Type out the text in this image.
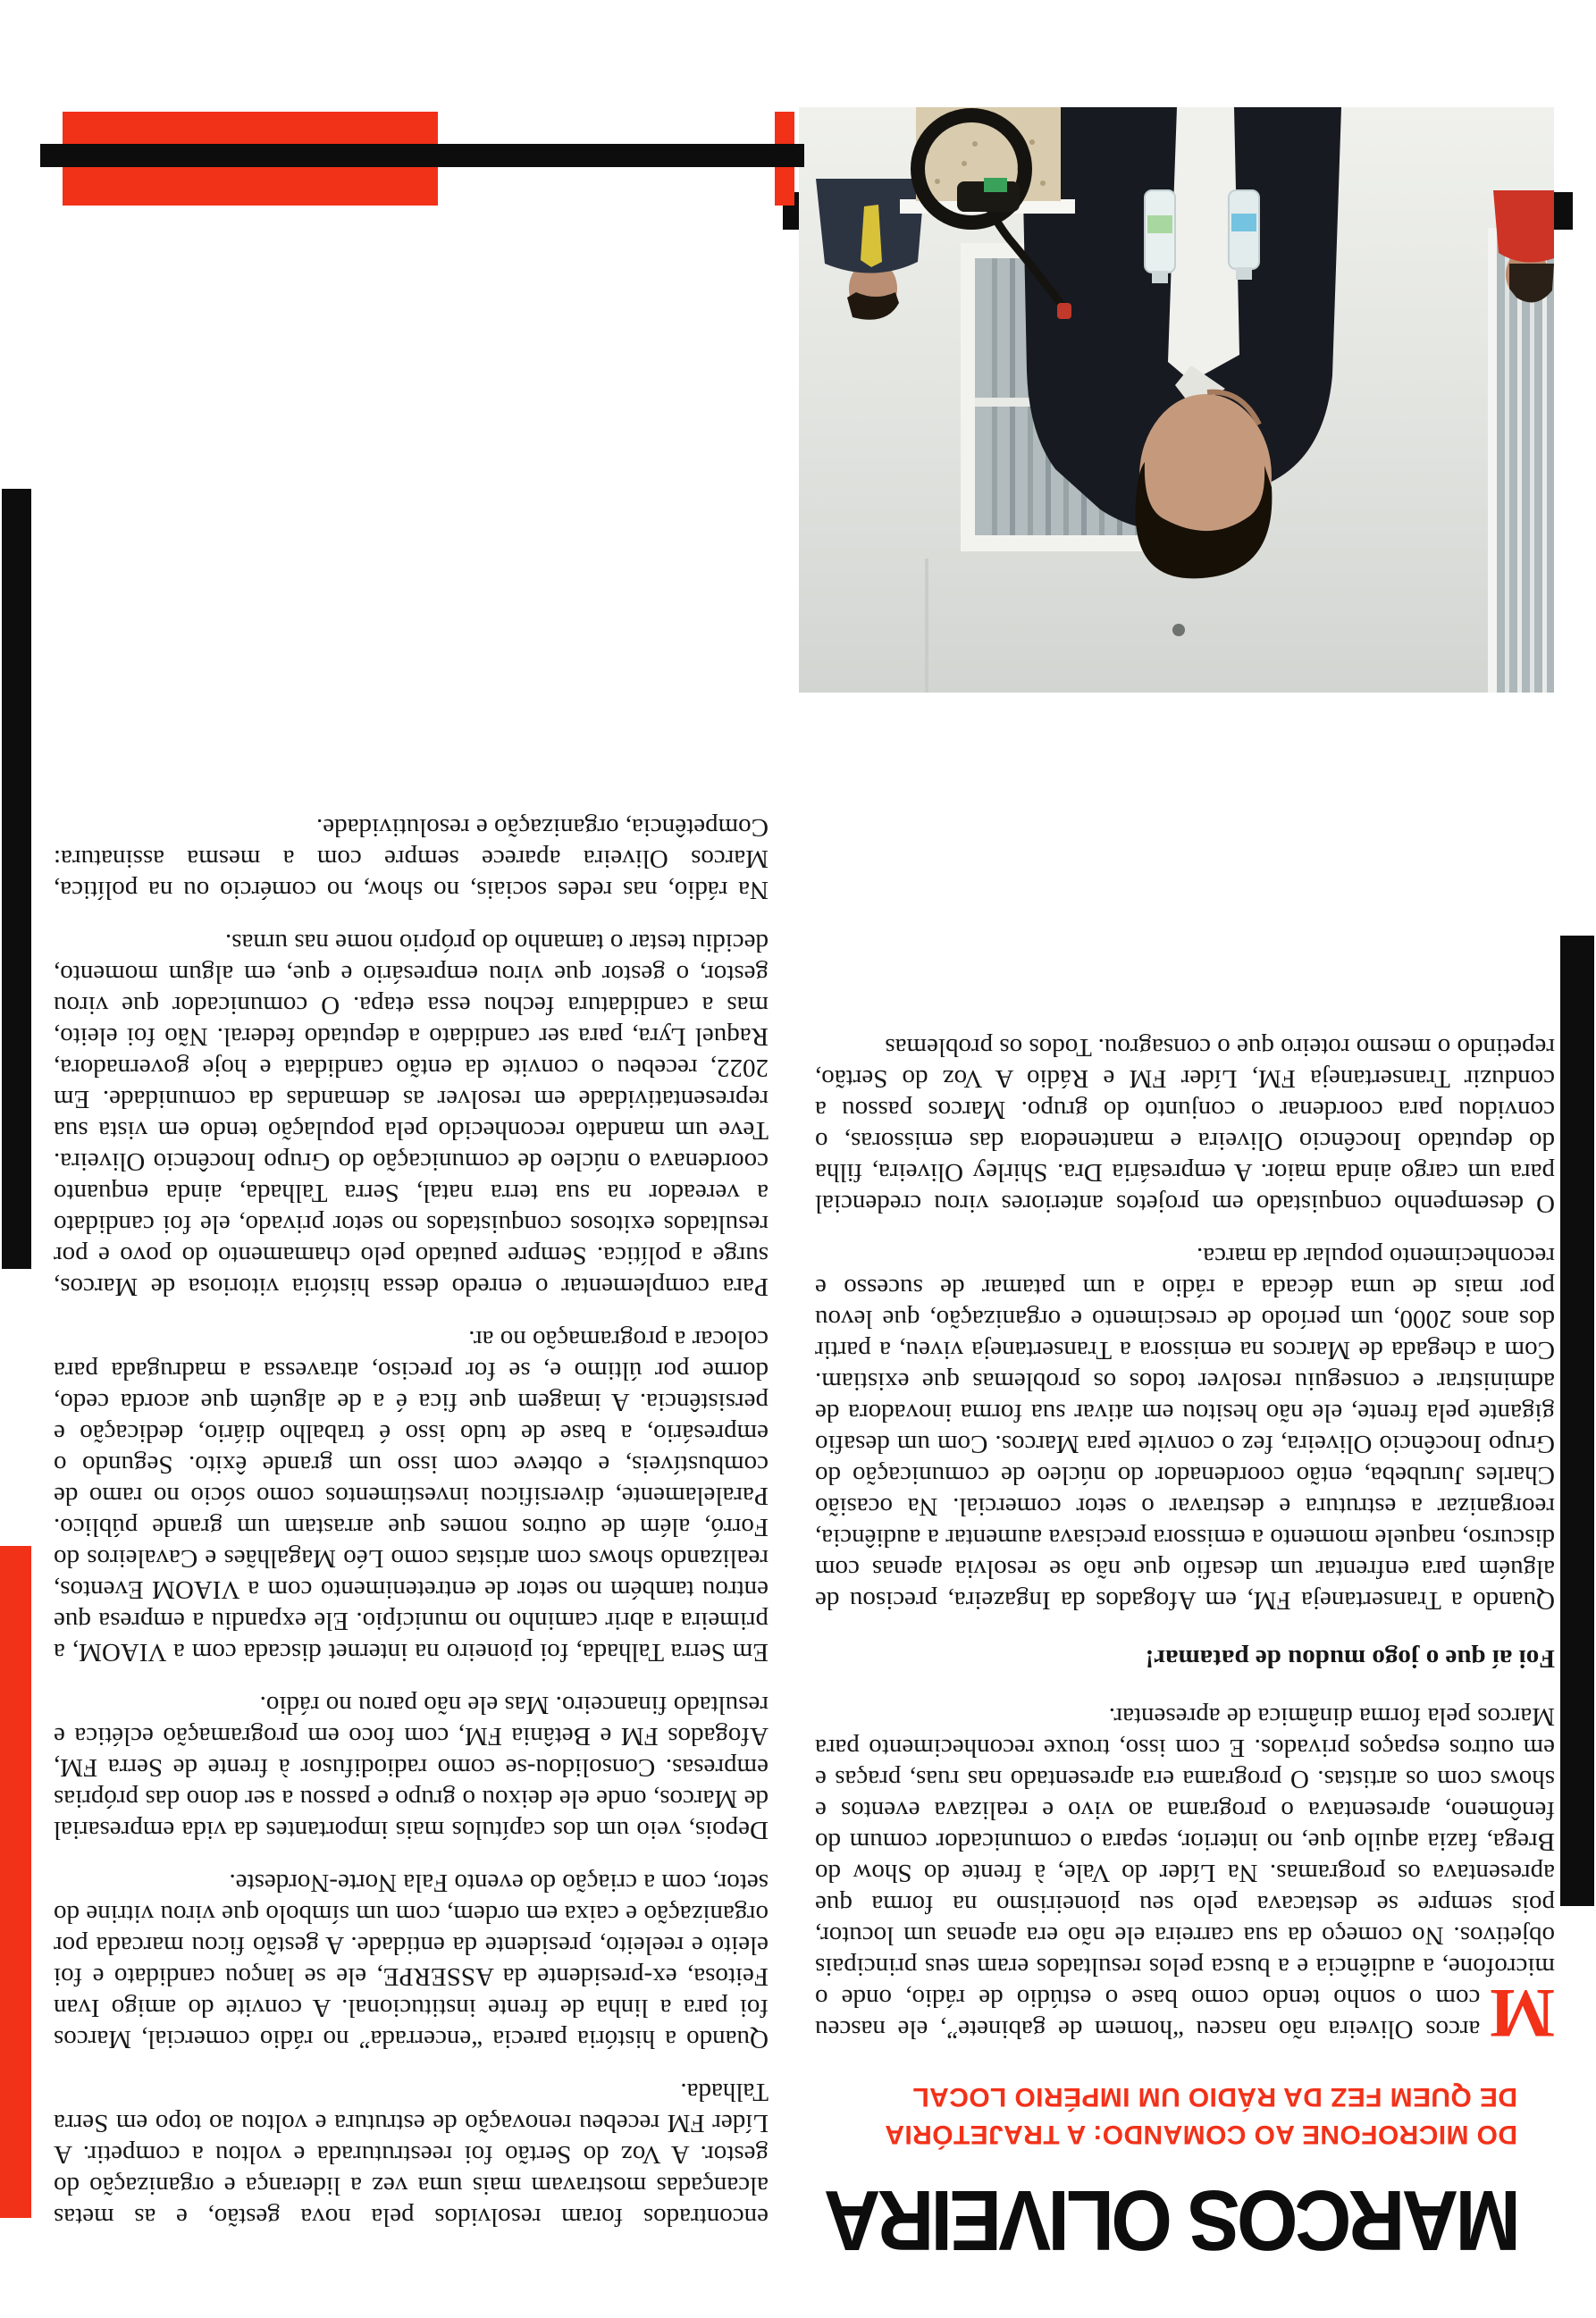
MARCOS OLIVEIRA
DO MICROFONE AO COMANDO: A TRAJETÓRIA
DE QUEM FEZ DA RÁDIO UM IMPÉRIO LOCAL

M
arcos Oliveira não nasceu “homem de gabinete”, ele nasceu com o sonho tendo como base o estúdio de rádio, onde o microfone, a audiência e a busca pelos resultados eram seus principais objetivos. No começo da sua carreira ele não era apenas um locutor, pois sempre se destacava pelo seu pioneirismo na forma que apresentava os programas. Na Líder do Vale, à frente do Show do Brega, fazia aquilo que, no interior, separa o comunicador comum do fenômeno, apresentava o programa ao vivo e realizava eventos e shows com os artistas. O programa era apresentado nas ruas, praças e em outros espaços privados. E com isso, trouxe reconhecimento para Marcos pela forma dinâmica de apresentar.

Foi aí que o jogo mudou de patamar!

Quando a Transertaneja FM, em Afogados da Ingazeira, precisou de alguém para enfrentar um desafio que não se resolvia apenas com discurso, naquele momento a emissora precisava aumentar a audiência, reorganizar a estrutura e destravar o setor comercial. Na ocasião Charles Jurubeba, então coordenador do núcleo de comunicação do Grupo Inocêncio Oliveira, fez o convite para Marcos. Com um desafio gigante pela frente, ele não hesitou em ativar sua forma inovadora de administrar e conseguiu resolver todos os problemas que existiam. Com a chegada de Marcos na emissora a Transertaneja viveu, a partir dos anos 2000, um período de crescimento e organização, que levou por mais de uma década a rádio a um patamar de sucesso e reconhecimento popular da marca.

O desempenho conquistado em projetos anteriores virou credencial para um cargo ainda maior. A empresária Dra. Shirley Oliveira, filha do deputado Inocêncio Oliveira e mantenedora das emissoras, o convidou para coordenar o conjunto do grupo. Marcos passou a conduzir Transertaneja FM, Líder FM e Rádio A Voz do Sertão, repetindo o mesmo roteiro que o consagrou. Todos os problemas

encontrados foram resolvidos pela nova gestão, e as metas alcançadas mostravam mais uma vez a liderança e organização do gestor. A Voz do Sertão foi reestruturada e voltou a competir. A Líder FM recebeu renovação de estrutura e voltou ao topo em Serra Talhada.

Quando a história parecia “encerrada” no rádio comercial, Marcos foi para a linha de frente institucional. A convite do amigo Ivan Feitosa, ex-presidente da ASSERPE, ele se lançou candidato e foi eleito e reeleito, presidente da entidade. A gestão ficou marcada por organização e caixa em ordem, com um símbolo que virou vitrine do setor, com a criação do evento Fala Norte-Nordeste.

Depois, veio um dos capítulos mais importantes da vida empresarial de Marcos, onde ele deixou o grupo e passou a ser dono das próprias empresas. Consolidou-se como radiodifusor à frente de Serra FM, Afogados FM e Betânia FM, com foco em programação eclética e resultado financeiro. Mas ele não parou no rádio.

Em Serra Talhada, foi pioneiro na internet discada com a VIAOM, a primeira a abrir caminho no município. Ele expandiu a empresa que entrou também no setor de entretenimento com a VIAOM Eventos, realizando shows com artistas como Léo Magalhães e Cavaleiros do Forró, além de outros nomes que arrastam um grande público. Paralelamente, diversificou investimentos como sócio no ramo de combustíveis, e obteve com isso um grande êxito. Segundo o empresário, a base de tudo isso é trabalho diário, dedicação e persistência. A imagem que fica é a de alguém que acorda cedo, dorme por último e, se for preciso, atravessa a madrugada para colocar a programação no ar.

Para complementar o enredo dessa história vitoriosa de Marcos, surge a política. Sempre pautado pelo chamamento do povo e por resultados exitosos conquistados no setor privado, ele foi candidato a vereador na sua terra natal, Serra Talhada, ainda enquanto coordenava o núcleo de comunicação do Grupo Inocêncio Oliveira. Teve um mandato reconhecido pela população tendo em vista sua representatividade em resolver as demandas da comunidade. Em 2022, recebeu o convite da então candidata e hoje governadora, Raquel Lyra, para ser candidato a deputado federal. Não foi eleito, mas a candidatura fechou essa etapa. O comunicador que virou gestor, o gestor que virou empresário e que, em algum momento, decidiu testar o tamanho do próprio nome nas urnas.

Na rádio, nas redes sociais, no show, no comércio ou na política, Marcos Oliveira aparece sempre com a mesma assinatura: Competência, organização e resolutividade.
